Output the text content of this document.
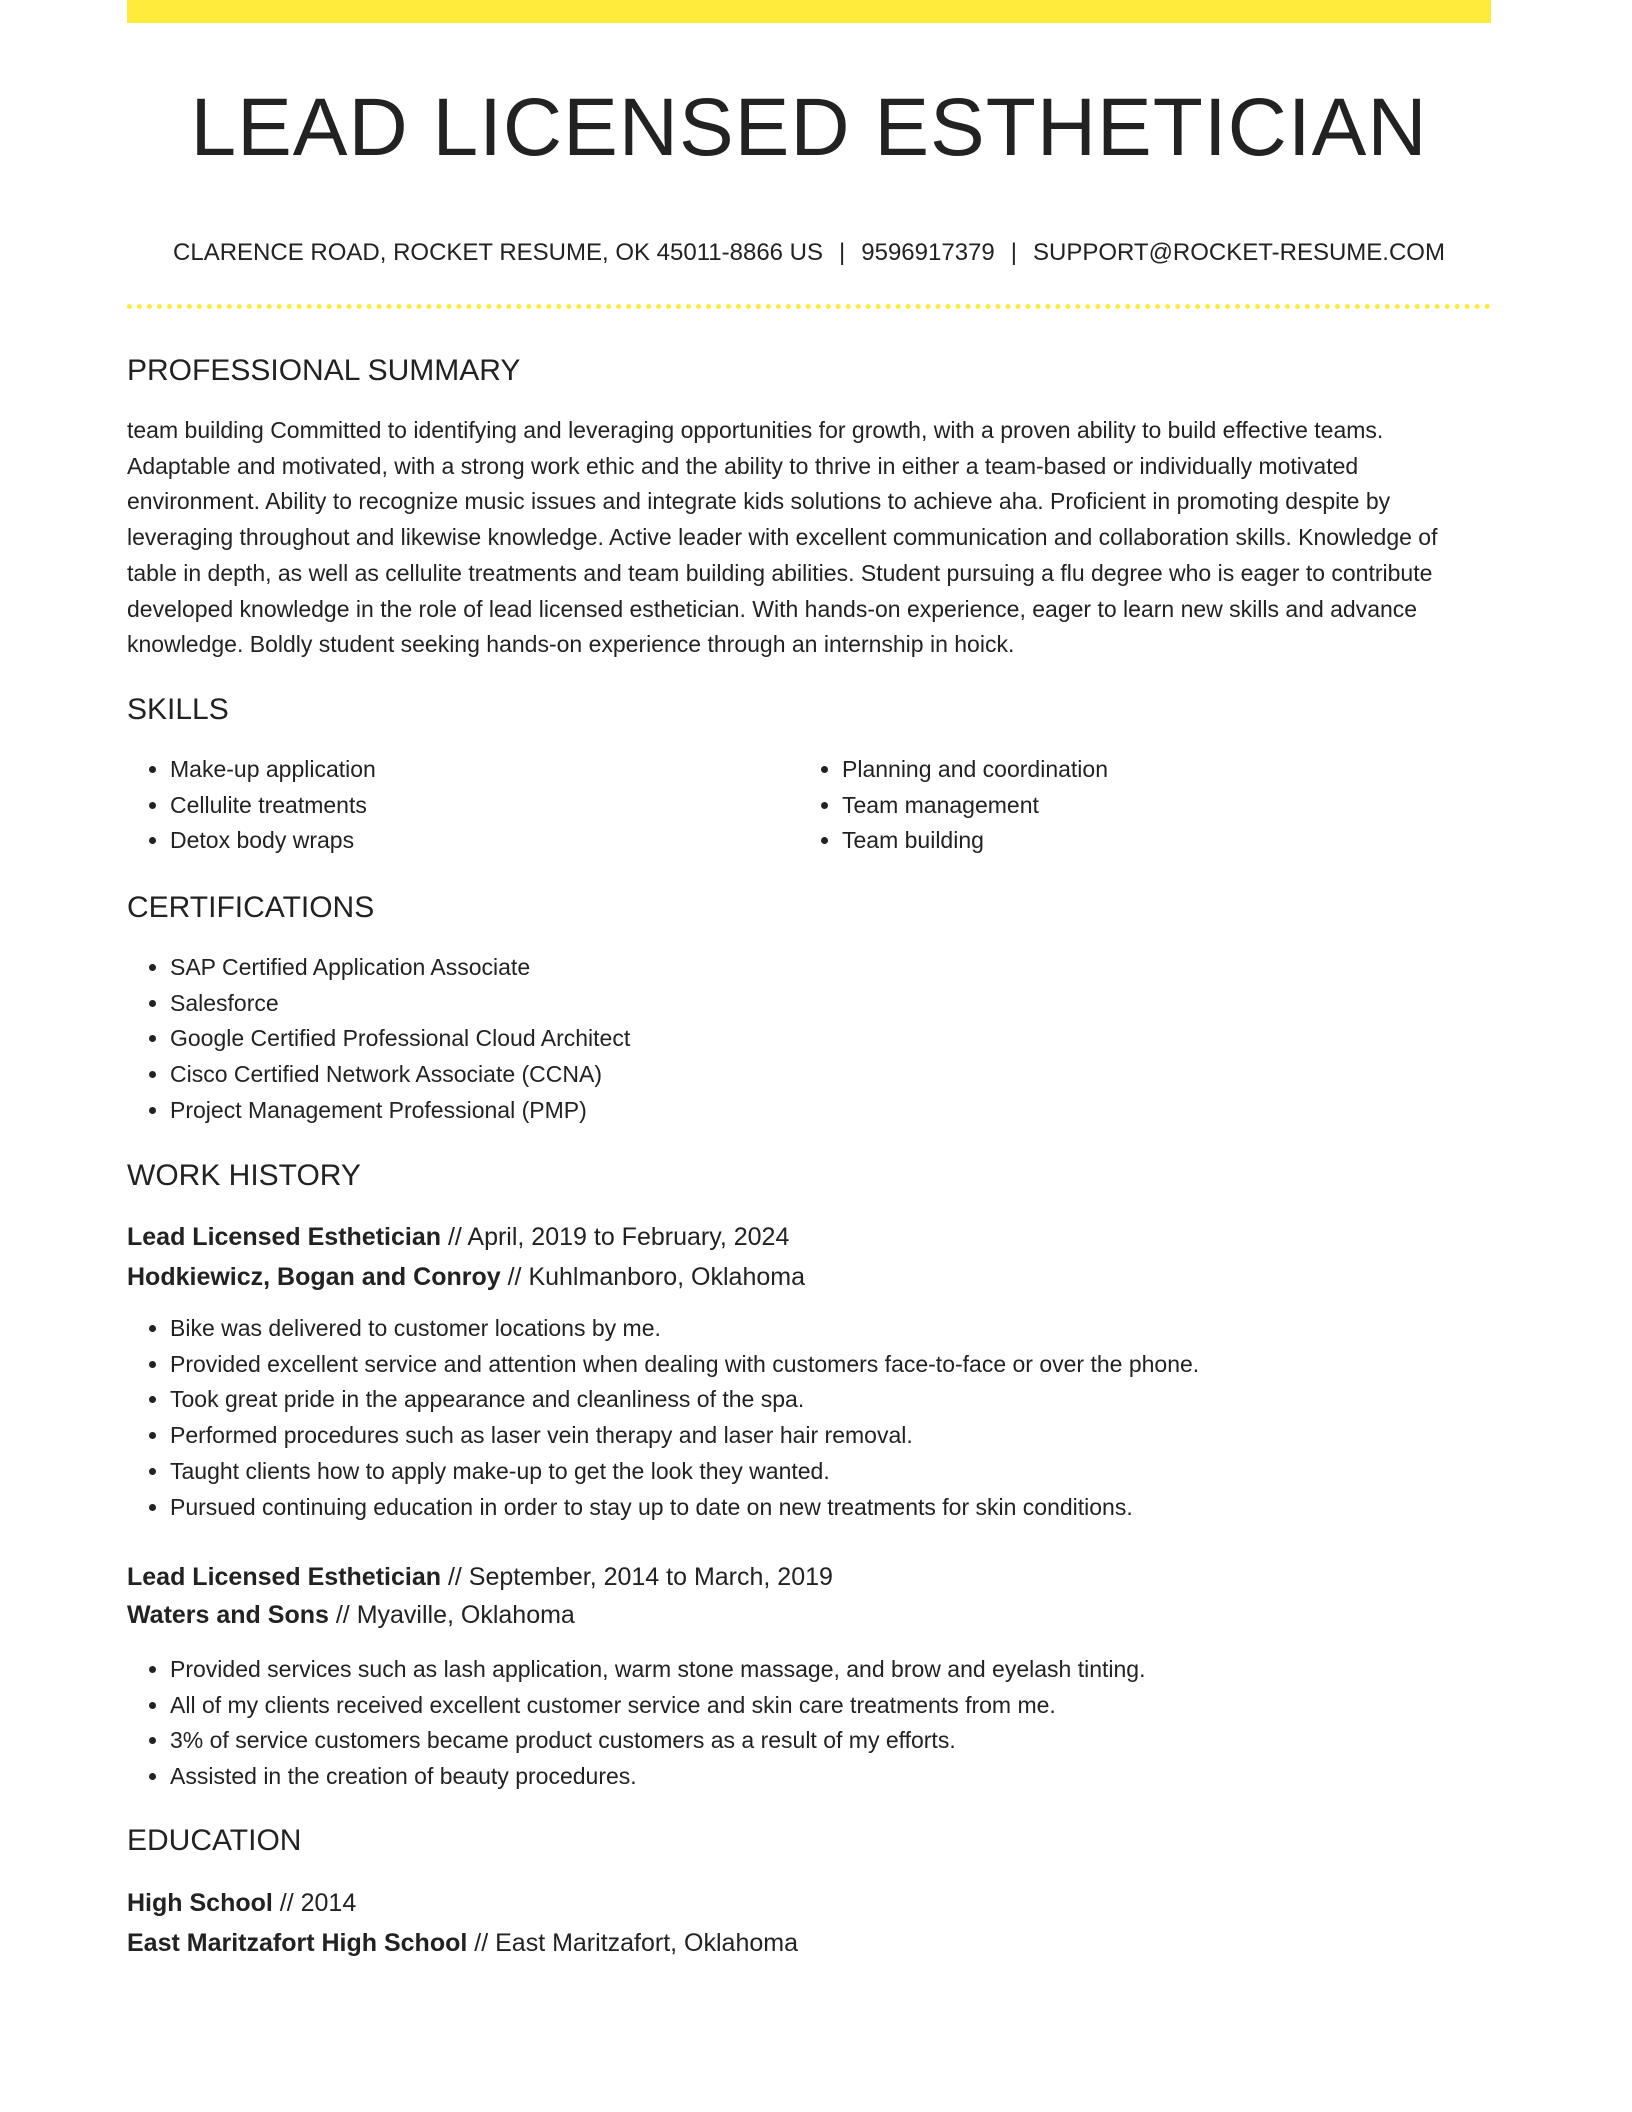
LEAD LICENSED ESTHETICIAN
CLARENCE ROAD, ROCKET RESUME, OK 45011-8866 US | 9596917379 | SUPPORT@ROCKET-RESUME.COM
PROFESSIONAL SUMMARY

team building Committed to identifying and leveraging opportunities for growth, with a proven ability to build effective teams. Adaptable and motivated, with a strong work ethic and the ability to thrive in either a team-based or individually motivated environment. Ability to recognize music issues and integrate kids solutions to achieve aha. Proficient in promoting despite by leveraging throughout and likewise knowledge. Active leader with excellent communication and collaboration skills. Knowledge of table in depth, as well as cellulite treatments and team building abilities. Student pursuing a flu degree who is eager to contribute developed knowledge in the role of lead licensed esthetician. With hands-on experience, eager to learn new skills and advance knowledge. Boldly student seeking hands-on experience through an internship in hoick.

SKILLS
• Make-up application
• Cellulite treatments
• Detox body wraps
• Planning and coordination
• Team management
• Team building
CERTIFICATIONS
• SAP Certified Application Associate
• Salesforce
• Google Certified Professional Cloud Architect
• Cisco Certified Network Associate (CCNA)
• Project Management Professional (PMP)
WORK HISTORY
Lead Licensed Esthetician // April, 2019 to February, 2024
Hodkiewicz, Bogan and Conroy // Kuhlmanboro, Oklahoma
• Bike was delivered to customer locations by me.
• Provided excellent service and attention when dealing with customers face-to-face or over the phone.
• Took great pride in the appearance and cleanliness of the spa.
• Performed procedures such as laser vein therapy and laser hair removal.
• Taught clients how to apply make-up to get the look they wanted.
• Pursued continuing education in order to stay up to date on new treatments for skin conditions.
Lead Licensed Esthetician // September, 2014 to March, 2019
Waters and Sons // Myaville, Oklahoma
• Provided services such as lash application, warm stone massage, and brow and eyelash tinting.
• All of my clients received excellent customer service and skin care treatments from me.
• 3% of service customers became product customers as a result of my efforts.
• Assisted in the creation of beauty procedures.
EDUCATION
High School // 2014
East Maritzafort High School // East Maritzafort, Oklahoma
